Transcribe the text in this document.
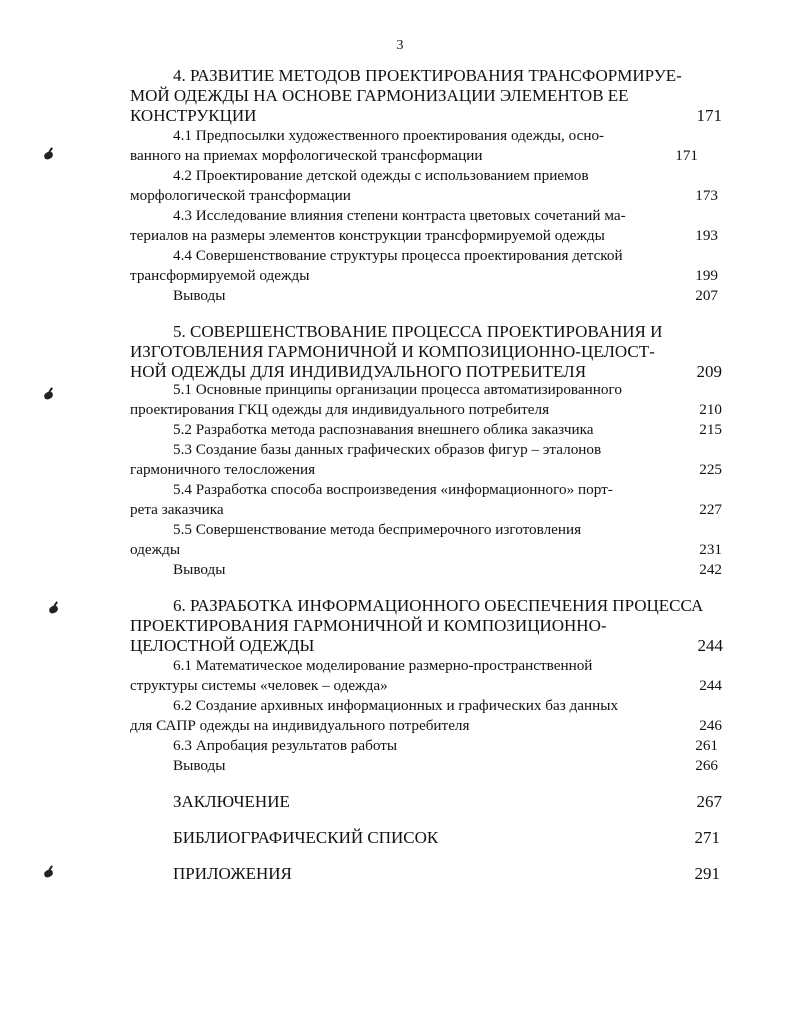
3
4. РАЗВИТИЕ МЕТОДОВ ПРОЕКТИРОВАНИЯ ТРАНСФОРМИРУЕ-
МОЙ ОДЕЖДЫ НА ОСНОВЕ ГАРМОНИЗАЦИИ ЭЛЕМЕНТОВ ЕЕ
КОНСТРУКЦИИ	171
4.1 Предпосылки художественного проектирования одежды, осно-
ванного на приемах морфологической трансформации	171
4.2 Проектирование детской одежды с использованием приемов
морфологической трансформации	173
4.3 Исследование влияния степени контраста цветовых сочетаний ма-
териалов на размеры элементов конструкции трансформируемой одежды	193
4.4 Совершенствование структуры процесса проектирования детской
трансформируемой одежды	199
Выводы	207
5. СОВЕРШЕНСТВОВАНИЕ ПРОЦЕССА ПРОЕКТИРОВАНИЯ И
ИЗГОТОВЛЕНИЯ ГАРМОНИЧНОЙ И КОМПОЗИЦИОННО-ЦЕЛОСТ-
НОЙ ОДЕЖДЫ ДЛЯ ИНДИВИДУАЛЬНОГО ПОТРЕБИТЕЛЯ	209
5.1 Основные принципы организации процесса автоматизированного
проектирования ГКЦ одежды для индивидуального потребителя	210
5.2 Разработка метода распознавания внешнего облика заказчика	215
5.3 Создание базы данных графических образов фигур – эталонов
гармоничного телосложения	225
5.4 Разработка способа воспроизведения «информационного» порт-
рета заказчика	227
5.5 Совершенствование метода беспримерочного изготовления
одежды	231
Выводы	242
6. РАЗРАБОТКА ИНФОРМАЦИОННОГО ОБЕСПЕЧЕНИЯ ПРОЦЕССА
ПРОЕКТИРОВАНИЯ ГАРМОНИЧНОЙ И КОМПОЗИЦИОННО-
ЦЕЛОСТНОЙ ОДЕЖДЫ	244
6.1 Математическое моделирование размерно-пространственной
структуры системы «человек – одежда»	244
6.2 Создание архивных информационных и графических баз данных
для САПР одежды на индивидуального потребителя	246
6.3 Апробация результатов работы	261
Выводы	266
ЗАКЛЮЧЕНИЕ	267
БИБЛИОГРАФИЧЕСКИЙ СПИСОК	271
ПРИЛОЖЕНИЯ	291
